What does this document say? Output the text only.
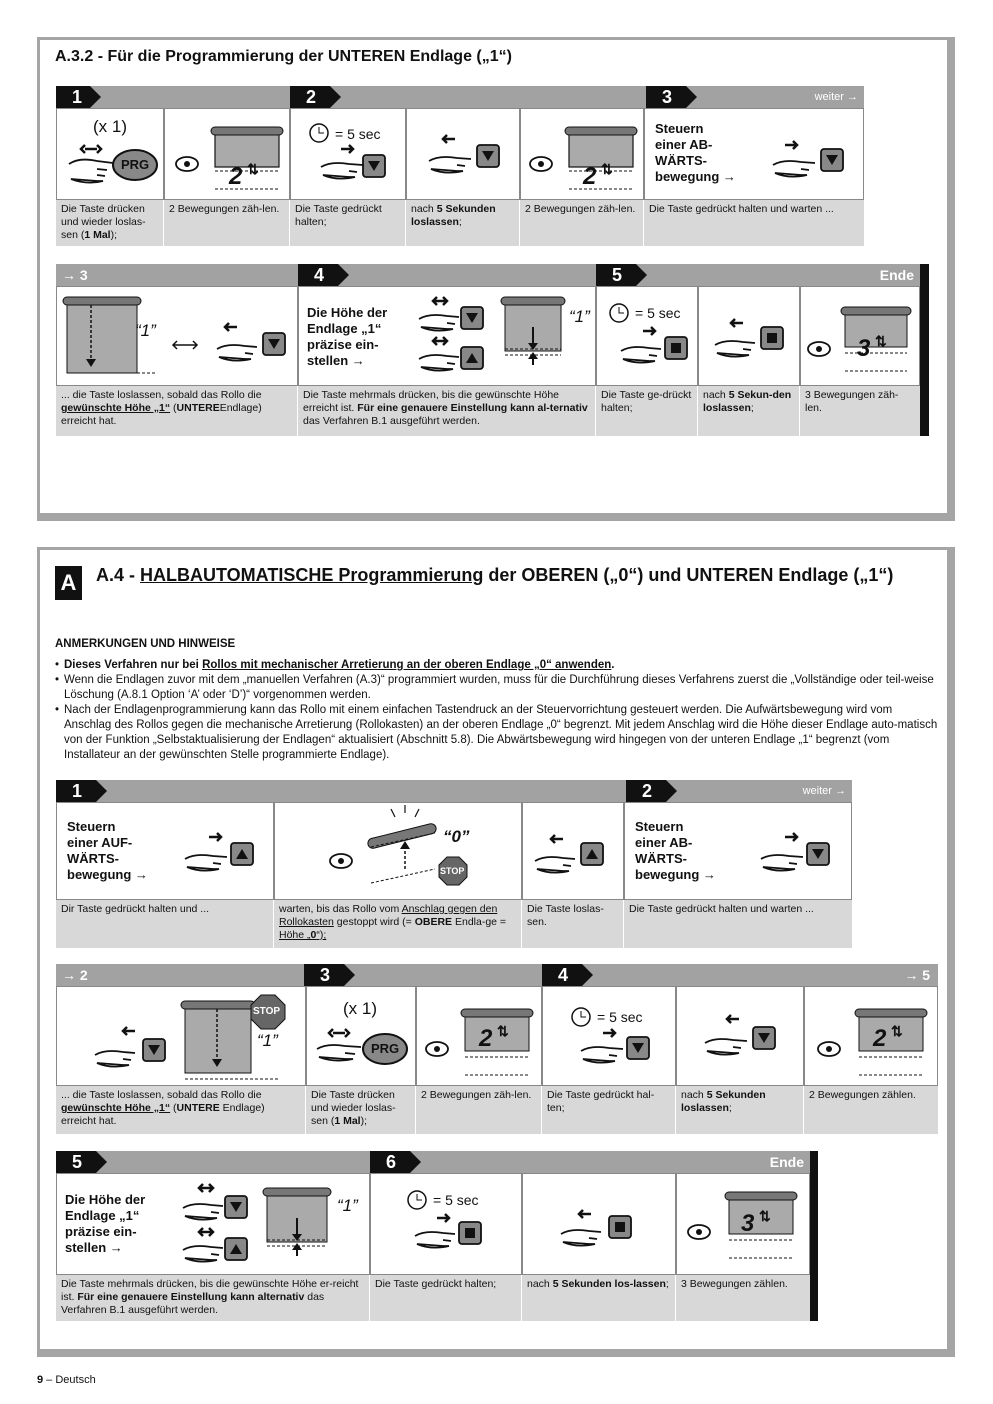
A.3.2 - Für die Programmierung der UNTEREN Endlage („1“)
1	2	3	weiter →
(x 1)
PRG	2 ⇅
= 5 sec
2 ⇅
Steuern
einer AB-
WÄRTS-
bewegung →
Die Taste drücken und wieder loslas-sen (1 Mal);
2 Bewegungen zäh-len.	Die Taste gedrückt halten;
nach 5 Sekunden loslassen;
2 Bewegungen zäh-len.	Die Taste gedrückt halten und warten ...
→ 3	4	5	Ende
“1”
Die Höhe der
Endlage „1“
präzise ein-
stellen →
“1”	= 5 sec
3 ⇅
... die Taste loslassen, sobald das Rollo die gewünschte Höhe „1“ (UNTEREEndlage) erreicht hat.
Die Taste mehrmals drücken, bis die gewünschte Höhe erreicht ist. Für eine genauere Einstellung kann al-ternativ das Verfahren B.1 ausgeführt werden.
Die Taste ge-drückt halten;
nach 5 Sekun-den loslassen;
3 Bewegungen zäh-len.
A	A.4 - HALBAUTOMATISCHE Programmierung der OBEREN („0“) und UNTEREN Endlage („1“)
ANMERKUNGEN UND HINWEISE
• Dieses Verfahren nur bei Rollos mit mechanischer Arretierung an der oberen Endlage „0“ anwenden.
• Wenn die Endlagen zuvor mit dem „manuellen Verfahren (A.3)“ programmiert wurden, muss für die Durchführung dieses Verfahrens zuerst die „Vollständige oder teil-weise Löschung (A.8.1 Option ‘A’ oder ‘D’)“ vorgenommen werden.
• Nach der Endlagenprogrammierung kann das Rollo mit einem einfachen Tastendruck an der Steuervorrichtung gesteuert werden. Die Aufwärtsbewegung wird vom Anschlag des Rollos gegen die mechanische Arretierung (Rollokasten) an der oberen Endlage „0“ begrenzt. Mit jedem Anschlag wird die Höhe dieser Endlage auto-matisch von der Funktion „Selbstaktualisierung der Endlagen“ aktualisiert (Abschnitt 5.8). Die Abwärtsbewegung wird hingegen von der unteren Endlage „1“ begrenzt (vom Installateur an der gewünschten Stelle programmierte Endlage).
1	2	weiter →
Steuern
einer AUF-
WÄRTS-
bewegung →
“0”
STOP
Steuern
einer AB-
WÄRTS-
bewegung →
Dir Taste gedrückt halten und ...	warten, bis das Rollo vom Anschlag gegen den Rollokasten gestoppt wird (= OBERE Endla-ge = Höhe „0“);
Die Taste loslas-sen.
Die Taste gedrückt halten und warten ...
→ 2	3	4	→ 5
STOP
“1”
(x 1)
PRG	2 ⇅
= 5 sec
2 ⇅
... die Taste loslassen, sobald das Rollo die gewünschte Höhe „1“ (UNTERE Endlage) erreicht hat.
Die Taste drücken und wieder loslas-sen (1 Mal);
2 Bewegungen zäh-len.	Die Taste gedrückt hal-ten;
nach 5 Sekunden loslassen;
2 Bewegungen zählen.
5	6	Ende
Die Höhe der
Endlage „1“
präzise ein-
stellen →
“1”	= 5 sec
3 ⇅
Die Taste mehrmals drücken, bis die gewünschte Höhe er-reicht ist. Für eine genauere Einstellung kann alternativ das Verfahren B.1 ausgeführt werden.
Die Taste gedrückt halten;	nach 5 Sekunden los-lassen;	3 Bewegungen zählen.
9 – Deutsch
